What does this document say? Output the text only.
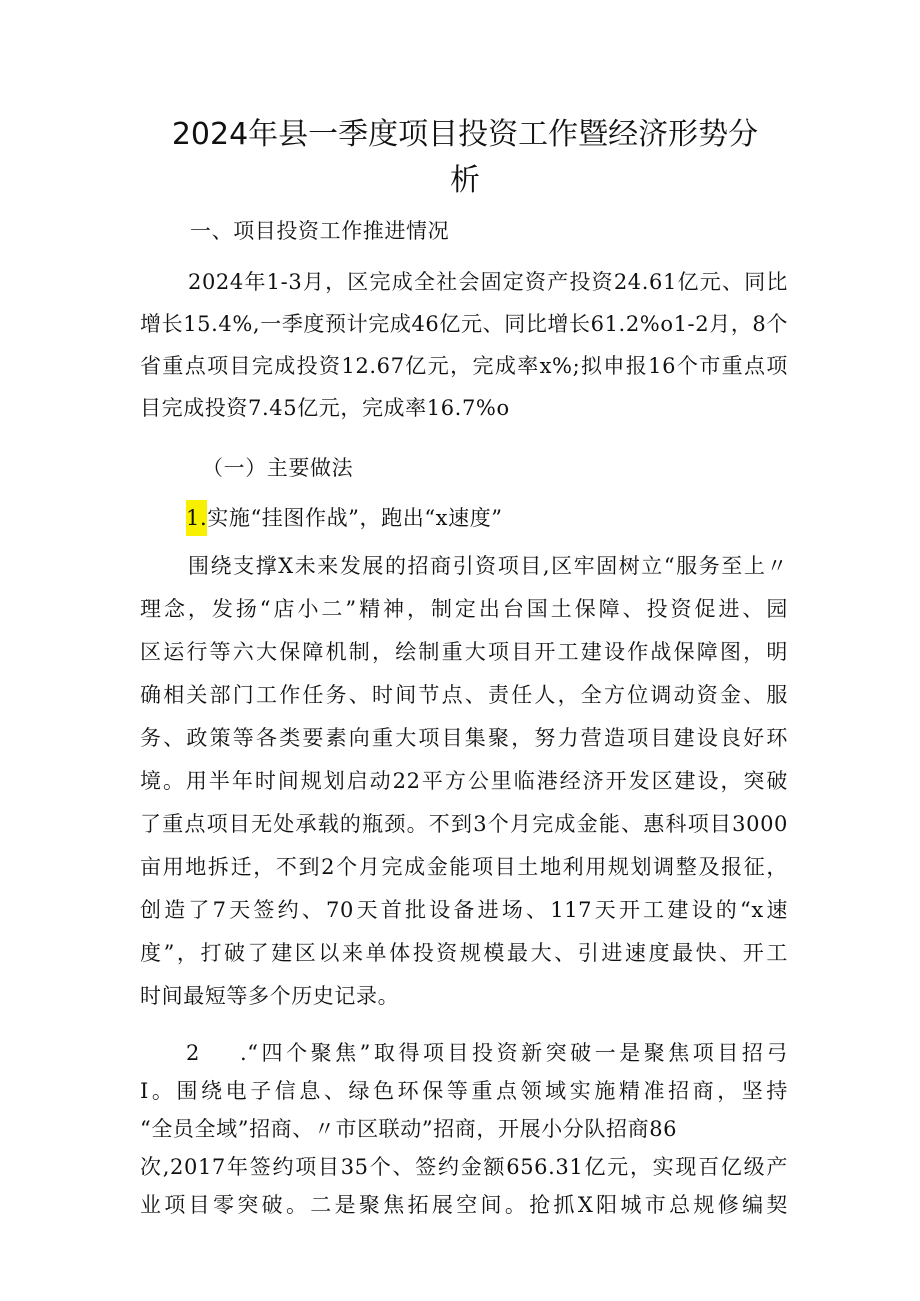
2024年县一季度项目投资工作暨经济形势分
析
一、项目投资工作推进情况
2024年1-3月，区完成全社会固定资产投资24.61亿元、同比
增长15.4%,一季度预计完成46亿元、同比增长61.2%o1-2月，8个
省重点项目完成投资12.67亿元，完成率x%;拟申报16个市重点项
目完成投资7.45亿元，完成率16.7%o
（一）主要做法
1.实施“挂图作战”，跑出“x速度”
围绕支撑X未来发展的招商引资项目,区牢固树立“服务至上〃
理念，发扬“店小二”精神，制定出台国土保障、投资促进、园
区运行等六大保障机制，绘制重大项目开工建设作战保障图，明
确相关部门工作任务、时间节点、责任人，全方位调动资金、服
务、政策等各类要素向重大项目集聚，努力营造项目建设良好环
境。用半年时间规划启动22平方公里临港经济开发区建设，突破
了重点项目无处承载的瓶颈。不到3个月完成金能、惠科项目3000
亩用地拆迁，不到2个月完成金能项目土地利用规划调整及报征，
创造了7天签约、70天首批设备进场、117天开工建设的“x速
度”，打破了建区以来单体投资规模最大、引进速度最快、开工
时间最短等多个历史记录。
2 .“四个聚焦”取得项目投资新突破一是聚焦项目招弓
I。围绕电子信息、绿色环保等重点领域实施精准招商，坚持
“全员全域”招商、〃市区联动”招商，开展小分队招商86
次,2017年签约项目35个、签约金额656.31亿元，实现百亿级产
业项目零突破。二是聚焦拓展空间。抢抓X阳城市总规修编契
